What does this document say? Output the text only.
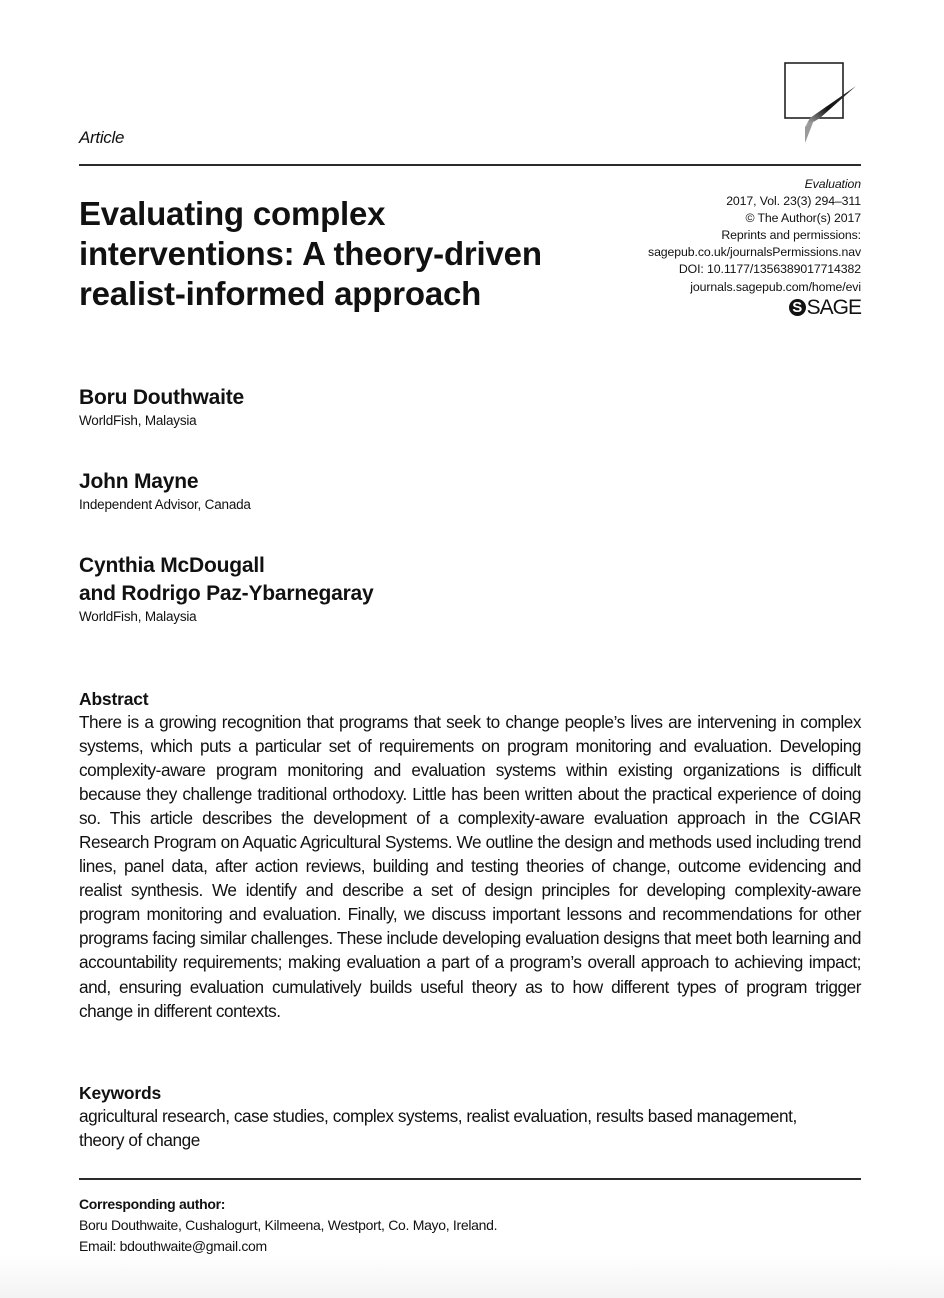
Article
Evaluating complex
interventions: A theory-driven
realist-informed approach
Evaluation
2017, Vol. 23(3) 294–311
© The Author(s) 2017
Reprints and permissions:
sagepub.co.uk/journalsPermissions.nav
DOI: 10.1177/1356389017714382
journals.sagepub.com/home/evi
S SAGE
Boru Douthwaite
WorldFish, Malaysia
John Mayne
Independent Advisor, Canada
Cynthia McDougall
and Rodrigo Paz-Ybarnegaray
WorldFish, Malaysia
Abstract
There is a growing recognition that programs that seek to change people’s lives are intervening in complex systems, which puts a particular set of requirements on program monitoring and evaluation. Developing complexity-aware program monitoring and evaluation systems within existing organizations is difficult because they challenge traditional orthodoxy. Little has been written about the practical experience of doing so. This article describes the development of a complexity-aware evaluation approach in the CGIAR Research Program on Aquatic Agricultural Systems. We outline the design and methods used including trend lines, panel data, after action reviews, building and testing theories of change, outcome evidencing and realist synthesis. We identify and describe a set of design principles for developing complexity-aware program monitoring and evaluation. Finally, we discuss important lessons and recommendations for other programs facing similar challenges. These include developing evaluation designs that meet both learning and accountability requirements; making evaluation a part of a program’s overall approach to achieving impact; and, ensuring evaluation cumulatively builds useful theory as to how different types of program trigger change in different contexts.
Keywords
agricultural research, case studies, complex systems, realist evaluation, results based management, theory of change
Corresponding author:
Boru Douthwaite, Cushalogurt, Kilmeena, Westport, Co. Mayo, Ireland.
Email: bdouthwaite@gmail.com
